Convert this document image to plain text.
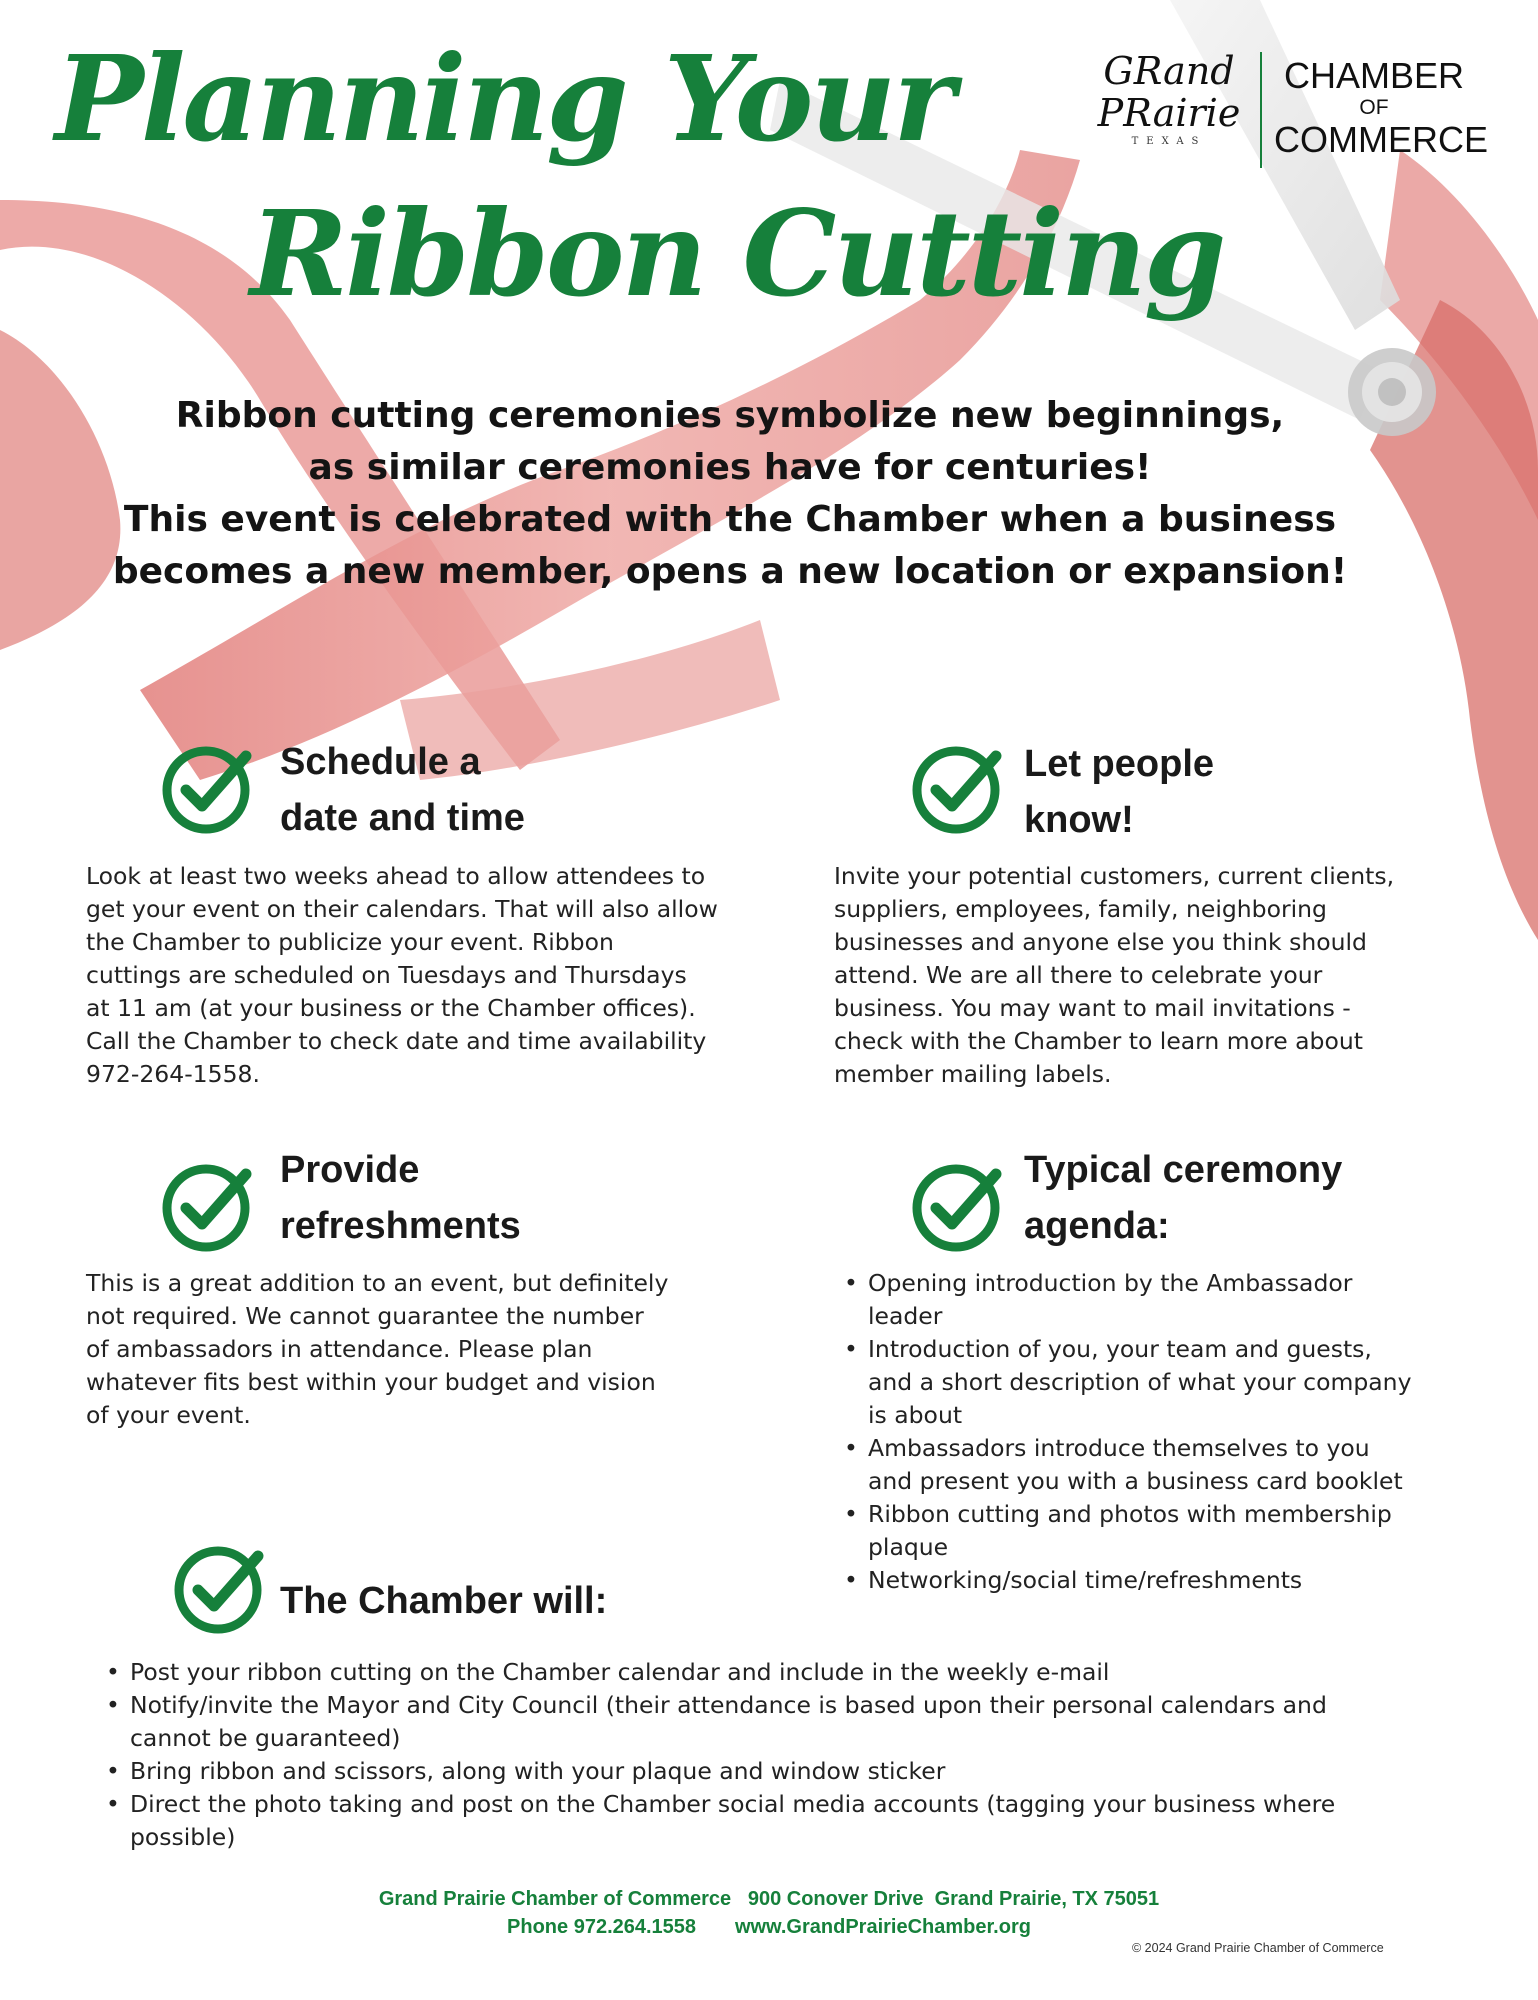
Planning Your
Ribbon Cutting
GRand
PRairie
TEXAS
CHAMBER
OF
COMMERCE
Ribbon cutting ceremonies symbolize new beginnings,
as similar ceremonies have for centuries!
This event is celebrated with the Chamber when a business
becomes a new member, opens a new location or expansion!
Schedule a
date and time
Look at least two weeks ahead to allow attendees to
get your event on their calendars. That will also allow
the Chamber to publicize your event. Ribbon
cuttings are scheduled on Tuesdays and Thursdays
at 11 am (at your business or the Chamber offices).
Call the Chamber to check date and time availability
972-264-1558.
Let people
know!
Invite your potential customers, current clients,
suppliers, employees, family, neighboring
businesses and anyone else you think should
attend. We are all there to celebrate your
business. You may want to mail invitations -
check with the Chamber to learn more about
member mailing labels.
Provide
refreshments
This is a great addition to an event, but definitely
not required. We cannot guarantee the number
of ambassadors in attendance. Please plan
whatever fits best within your budget and vision
of your event.
Typical ceremony
agenda:
• Opening introduction by the Ambassador
leader
• Introduction of you, your team and guests,
and a short description of what your company
is about
• Ambassadors introduce themselves to you
and present you with a business card booklet
• Ribbon cutting and photos with membership
plaque
• Networking/social time/refreshments
The Chamber will:
• Post your ribbon cutting on the Chamber calendar and include in the weekly e-mail
• Notify/invite the Mayor and City Council (their attendance is based upon their personal calendars and
cannot be guaranteed)
• Bring ribbon and scissors, along with your plaque and window sticker
• Direct the photo taking and post on the Chamber social media accounts (tagging your business where
possible)
Grand Prairie Chamber of Commerce   900 Conover Drive  Grand Prairie, TX 75051
Phone 972.264.1558       www.GrandPrairieChamber.org
© 2024 Grand Prairie Chamber of Commerce
